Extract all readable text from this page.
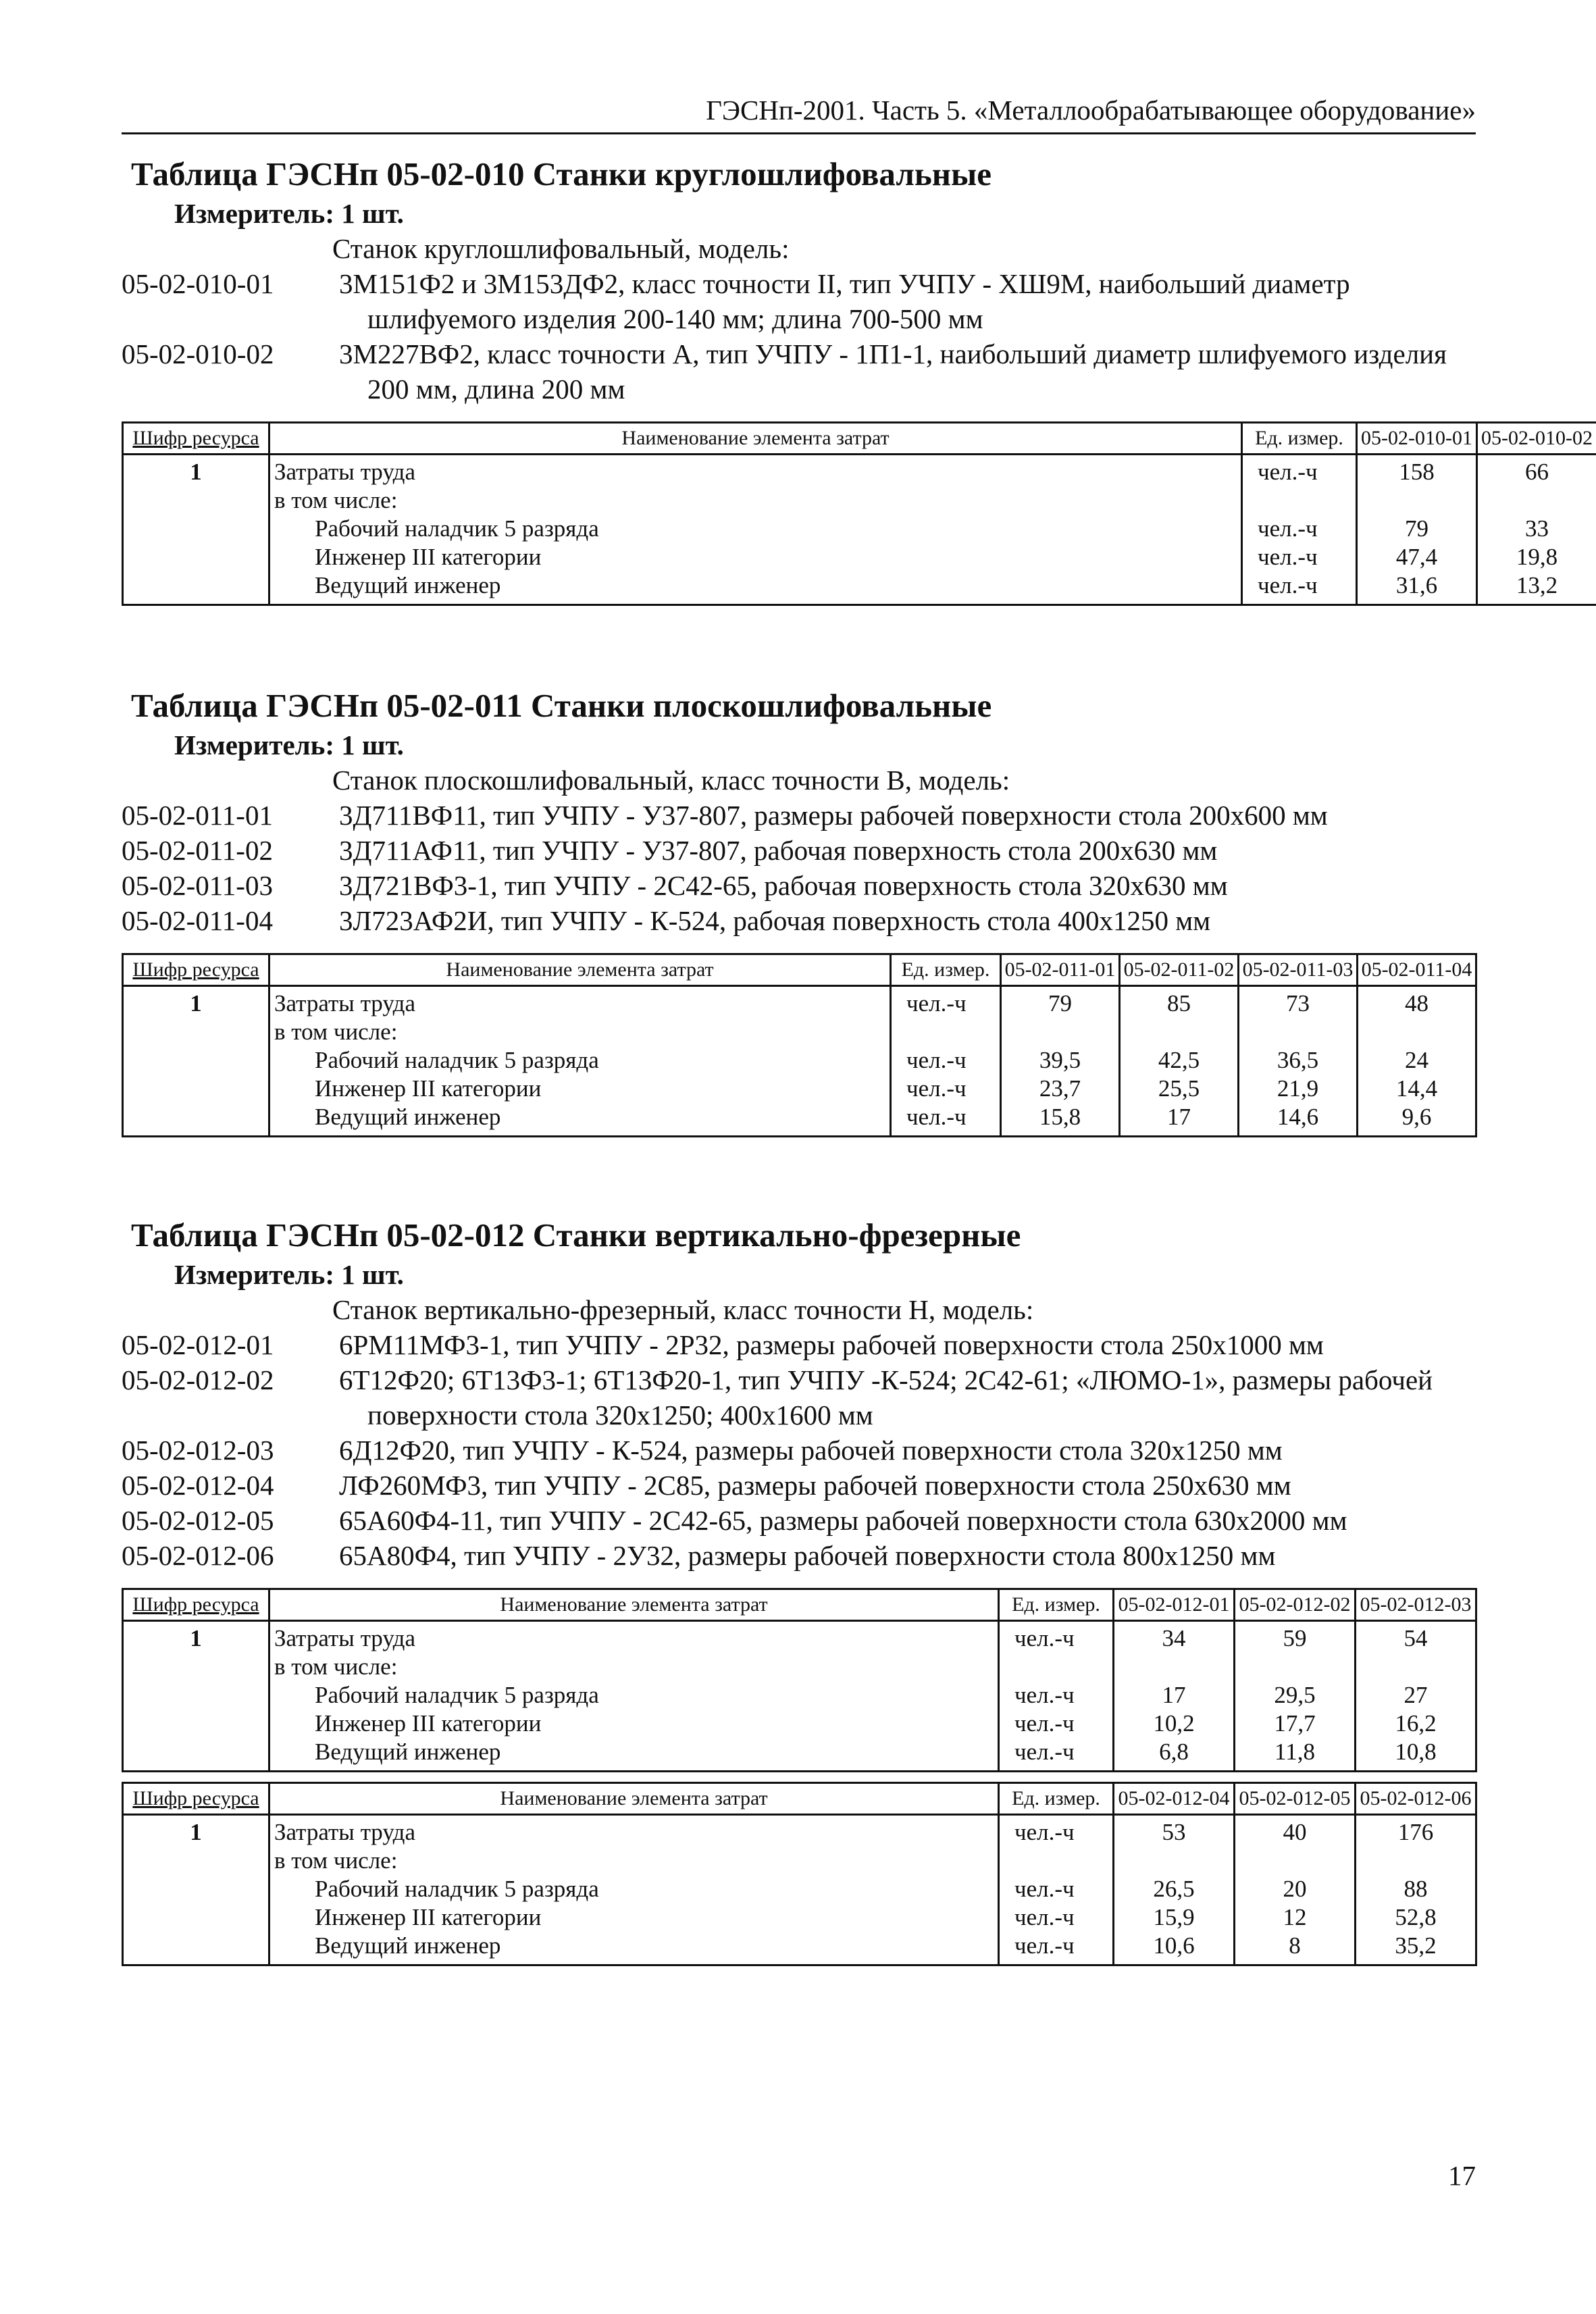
ГЭСНп-2001. Часть 5. «Металлообрабатывающее оборудование»
Таблица ГЭСНп 05-02-010 Станки круглошлифовальные
Измеритель: 1 шт.
Станок круглошлифовальный, модель:
05-02-010-01	3М151Ф2 и 3М153ДФ2, класс точности II, тип УЧПУ - ХШ9М, наибольший диаметр
шлифуемого изделия 200-140 мм; длина 700-500 мм
05-02-010-02	3М227ВФ2, класс точности А, тип УЧПУ - 1П1-1, наибольший диаметр шлифуемого изделия
200 мм, длина 200 мм
Шифр ресурса	Наименование элемента затрат	Ед. измер.	05-02-010-01	05-02-010-02
1	Затраты труда	чел.-ч	158	66
	в том числе:			
	Рабочий наладчик 5 разряда	чел.-ч	79	33
	Инженер III категории	чел.-ч	47,4	19,8
	Ведущий инженер	чел.-ч	31,6	13,2
Таблица ГЭСНп 05-02-011 Станки плоскошлифовальные
Измеритель: 1 шт.
Станок плоскошлифовальный, класс точности В, модель:
05-02-011-01	3Д711ВФ11, тип УЧПУ - У37-807, размеры рабочей поверхности стола 200х600 мм
05-02-011-02	3Д711АФ11, тип УЧПУ - У37-807, рабочая поверхность стола 200х630 мм
05-02-011-03	3Д721ВФ3-1, тип УЧПУ - 2С42-65, рабочая поверхность стола 320х630 мм
05-02-011-04	3Л723АФ2И, тип УЧПУ - К-524, рабочая поверхность стола 400х1250 мм
Шифр ресурса	Наименование элемента затрат	Ед. измер.	05-02-011-01	05-02-011-02	05-02-011-03	05-02-011-04
1	Затраты труда	чел.-ч	79	85	73	48
	в том числе:					
	Рабочий наладчик 5 разряда	чел.-ч	39,5	42,5	36,5	24
	Инженер III категории	чел.-ч	23,7	25,5	21,9	14,4
	Ведущий инженер	чел.-ч	15,8	17	14,6	9,6
Таблица ГЭСНп 05-02-012 Станки вертикально-фрезерные
Измеритель: 1 шт.
Станок вертикально-фрезерный, класс точности Н, модель:
05-02-012-01	6РМ11МФ3-1, тип УЧПУ - 2Р32, размеры рабочей поверхности стола 250х1000 мм
05-02-012-02	6Т12Ф20; 6Т13Ф3-1; 6Т13Ф20-1, тип УЧПУ -К-524; 2С42-61; «ЛЮМО-1», размеры рабочей
поверхности стола 320х1250; 400х1600 мм
05-02-012-03	6Д12Ф20, тип УЧПУ - К-524, размеры рабочей поверхности стола 320х1250 мм
05-02-012-04	ЛФ260МФ3, тип УЧПУ - 2С85, размеры рабочей поверхности стола 250х630 мм
05-02-012-05	65А60Ф4-11, тип УЧПУ - 2С42-65, размеры рабочей поверхности стола 630х2000 мм
05-02-012-06	65А80Ф4, тип УЧПУ - 2У32, размеры рабочей поверхности стола 800х1250 мм
Шифр ресурса	Наименование элемента затрат	Ед. измер.	05-02-012-01	05-02-012-02	05-02-012-03
1	Затраты труда	чел.-ч	34	59	54
	в том числе:				
	Рабочий наладчик 5 разряда	чел.-ч	17	29,5	27
	Инженер III категории	чел.-ч	10,2	17,7	16,2
	Ведущий инженер	чел.-ч	6,8	11,8	10,8
Шифр ресурса	Наименование элемента затрат	Ед. измер.	05-02-012-04	05-02-012-05	05-02-012-06
1	Затраты труда	чел.-ч	53	40	176
	в том числе:				
	Рабочий наладчик 5 разряда	чел.-ч	26,5	20	88
	Инженер III категории	чел.-ч	15,9	12	52,8
	Ведущий инженер	чел.-ч	10,6	8	35,2
17
